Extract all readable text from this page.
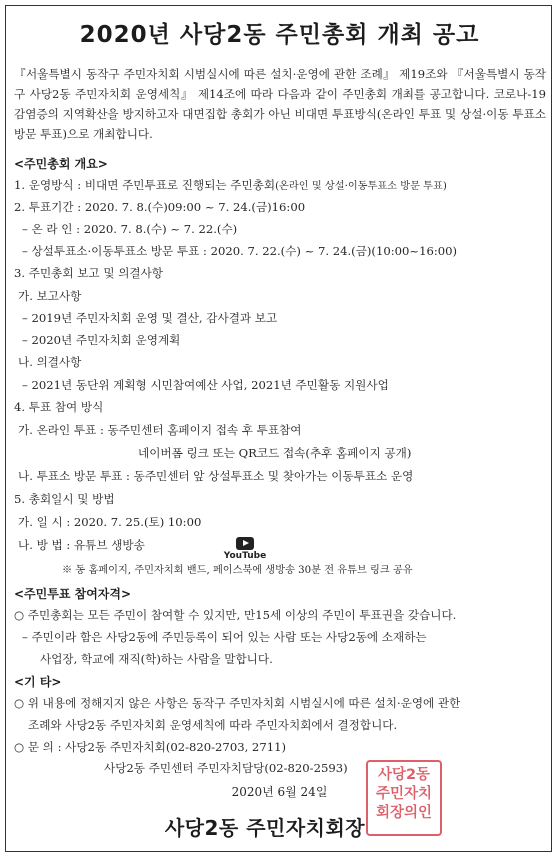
2020년 사당2동 주민총회 개최 공고
『서울특별시 동작구 주민자치회 시범실시에 따른 설치·운영에 관한 조례』 제19조와 『서울특별시 동작구 사당2동 주민자치회 운영세칙』 제14조에 따라 다음과 같이 주민총회 개최를 공고합니다. 코로나-19 감염증의 지역확산을 방지하고자 대면집합 총회가 아닌 비대면 투표방식(온라인 투표 및 상설·이동 투표소 방문 투표)으로 개최합니다.
<주민총회 개요>
1. 운영방식 : 비대면 주민투표로 진행되는 주민총회(온라인 및 상설·이동투표소 방문 투표)
2. 투표기간 : 2020. 7. 8.(수)09:00 ~ 7. 24.(금)16:00
– 온 라 인 : 2020. 7. 8.(수) ~ 7. 22.(수)
– 상설투표소·이동투표소 방문 투표 : 2020. 7. 22.(수) ~ 7. 24.(금)(10:00~16:00)
3. 주민총회 보고 및 의결사항
가. 보고사항
– 2019년 주민자치회 운영 및 결산, 감사결과 보고
– 2020년 주민자치회 운영계획
나. 의결사항
– 2021년 동단위 계획형 시민참여예산 사업, 2021년 주민활동 지원사업
4. 투표 참여 방식
가. 온라인 투표 : 동주민센터 홈페이지 접속 후 투표참여
네이버폼 링크 또는 QR코드 접속(추후 홈페이지 공개)
나. 투표소 방문 투표 : 동주민센터 앞 상설투표소 및 찾아가는 이동투표소 운영
5. 총회일시 및 방법
가. 일 시 : 2020. 7. 25.(토) 10:00
나. 방 법 : 유튜브 생방송
YouTube
※ 동 홈페이지, 주민자치회 밴드, 페이스북에 생방송 30분 전 유튜브 링크 공유
<주민투표 참여자격>
○ 주민총회는 모든 주민이 참여할 수 있지만, 만15세 이상의 주민이 투표권을 갖습니다.
– 주민이라 함은 사당2동에 주민등록이 되어 있는 사람 또는 사당2동에 소재하는
사업장, 학교에 재직(학)하는 사람을 말합니다.
<기 타>
○ 위 내용에 정해지지 않은 사항은 동작구 주민자치회 시범실시에 따른 설치·운영에 관한
조례와 사당2동 주민자치회 운영세칙에 따라 주민자치회에서 결정합니다.
○ 문 의 : 사당2동 주민자치회(02-820-2703, 2711)
사당2동 주민센터 주민자치담당(02-820-2593)
2020년 6월 24일
사당2동
주민자치
회장의인
사당2동 주민자치회장
